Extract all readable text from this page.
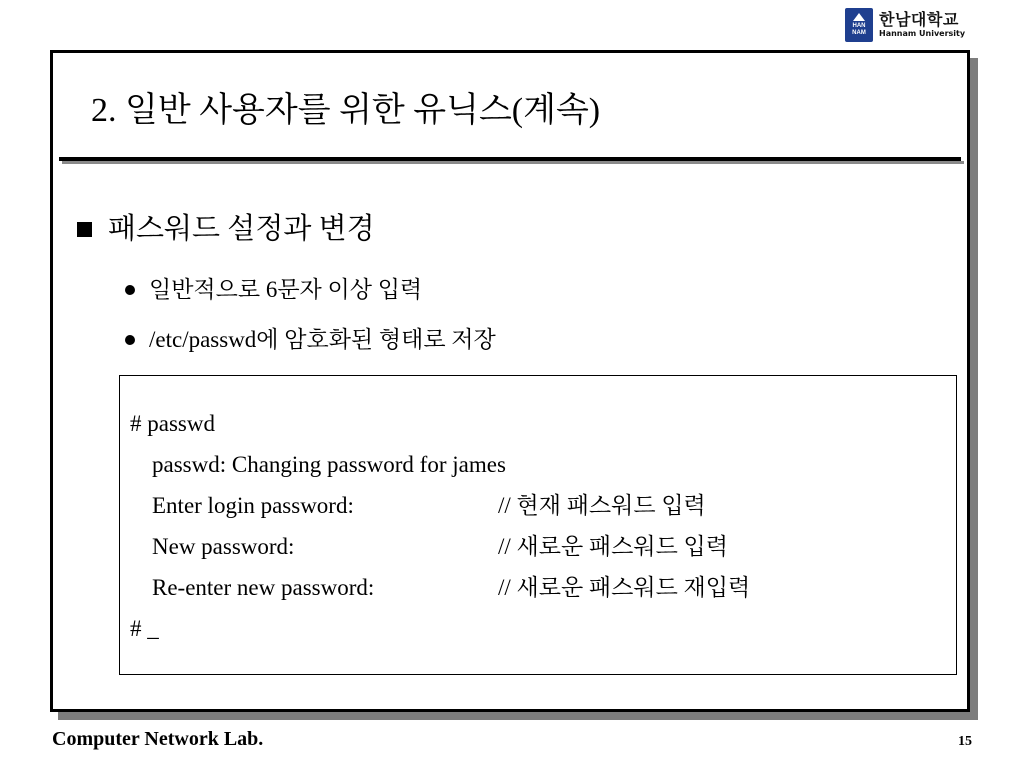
HAN NAM
한남대학교
Hannam University
2. 일반 사용자를 위한 유닉스(계속)
패스워드 설정과 변경
일반적으로 6문자 이상 입력
/etc/passwd에 암호화된 형태로 저장
# passwd
passwd: Changing password for james
Enter login password:	// 현재 패스워드 입력
New password:	// 새로운 패스워드 입력
Re-enter new password:	// 새로운 패스워드 재입력
# _
Computer Network Lab.	15
